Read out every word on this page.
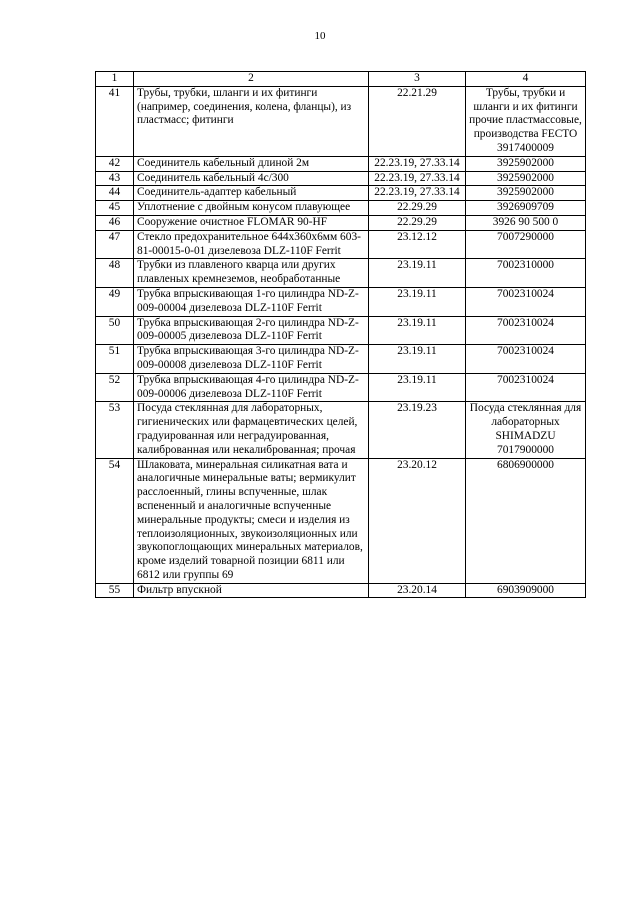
10
1	2	3	4
41	Трубы, трубки, шланги и их фитинги (например, соединения, колена, фланцы), из пластмасс; фитинги	22.21.29	Трубы, трубки и шланги и их фитинги прочие пластмассовые, производства FECTO 3917400009
42	Соединитель кабельный длиной 2м	22.23.19, 27.33.14	3925902000
43	Соединитель кабельный 4с/300	22.23.19, 27.33.14	3925902000
44	Соединитель-адаптер кабельный	22.23.19, 27.33.14	3925902000
45	Уплотнение с двойным конусом плавующее	22.29.29	3926909709
46	Сооружение очистное FLOMAR 90-HF	22.29.29	3926 90 500 0
47	Стекло предохранительное 644х360х6мм 603-81-00015-0-01 дизелевоза DLZ-110F Ferrit	23.12.12	7007290000
48	Трубки из плавленого кварца или других плавленых кремнеземов, необработанные	23.19.11	7002310000
49	Трубка впрыскивающая 1-го цилиндра ND-Z-009-00004 дизелевоза DLZ-110F Ferrit	23.19.11	7002310024
50	Трубка впрыскивающая 2-го цилиндра ND-Z-009-00005 дизелевоза DLZ-110F Ferrit	23.19.11	7002310024
51	Трубка впрыскивающая 3-го цилиндра ND-Z-009-00008 дизелевоза DLZ-110F Ferrit	23.19.11	7002310024
52	Трубка впрыскивающая 4-го цилиндра ND-Z-009-00006 дизелевоза DLZ-110F Ferrit	23.19.11	7002310024
53	Посуда стеклянная для лабораторных, гигиенических или фармацевтических целей, градуированная или неградуированная, калиброванная или некалиброванная; прочая	23.19.23	Посуда стеклянная для лабораторных SHIMADZU 7017900000
54	Шлаковата, минеральная силикатная вата и аналогичные минеральные ваты; вермикулит расслоенный, глины вспученные, шлак вспененный и аналогичные вспученные минеральные продукты; смеси и изделия из теплоизоляционных, звукоизоляционных или звукопоглощающих минеральных материалов, кроме изделий товарной позиции 6811 или 6812 или группы 69	23.20.12	6806900000
55	Фильтр впускной	23.20.14	6903909000
